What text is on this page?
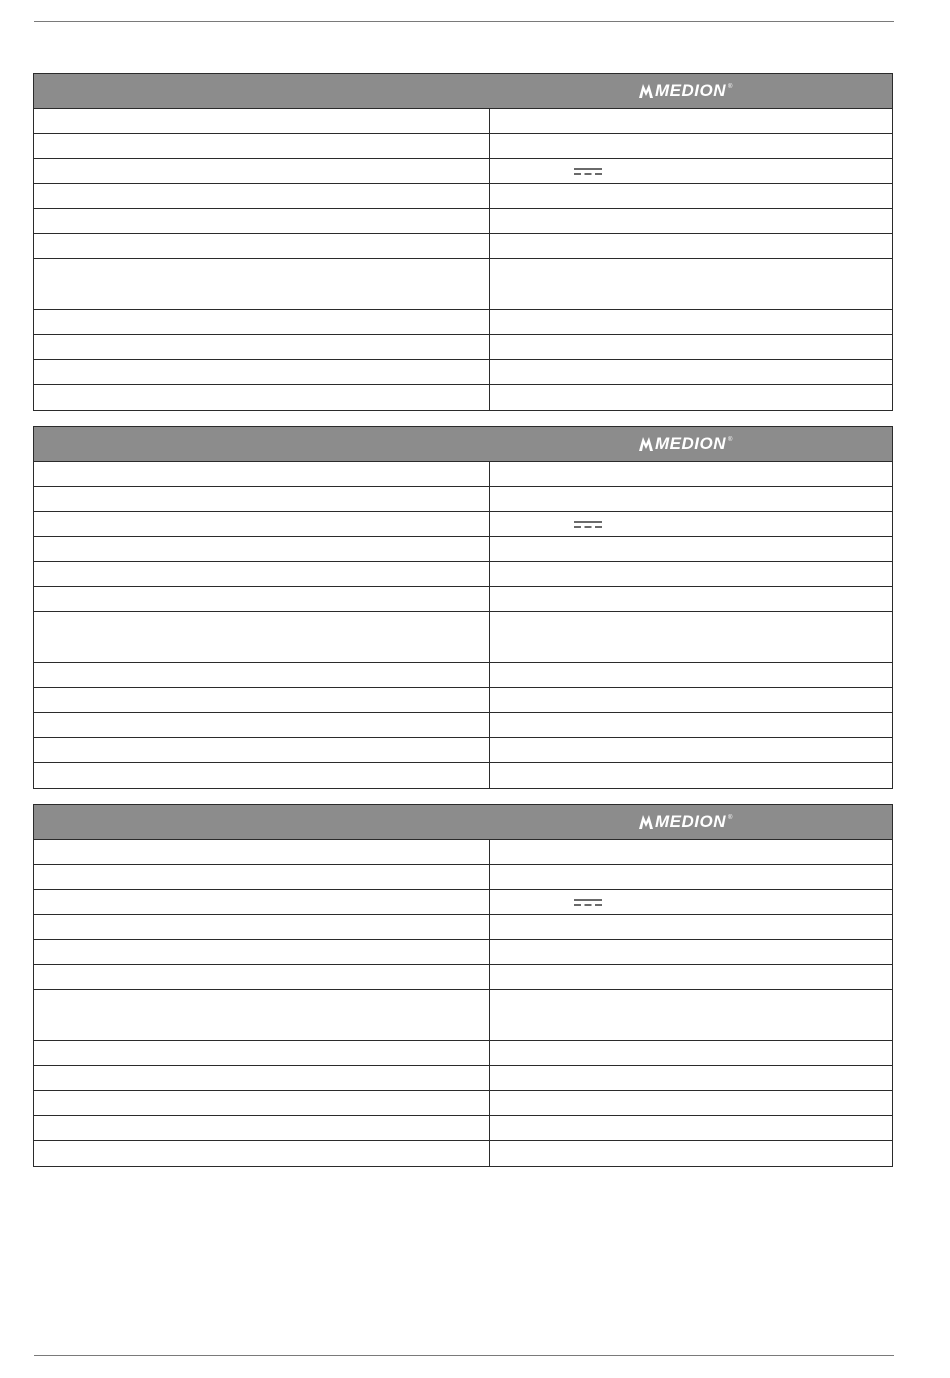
MEDION ®
MEDION ®
MEDION ®
